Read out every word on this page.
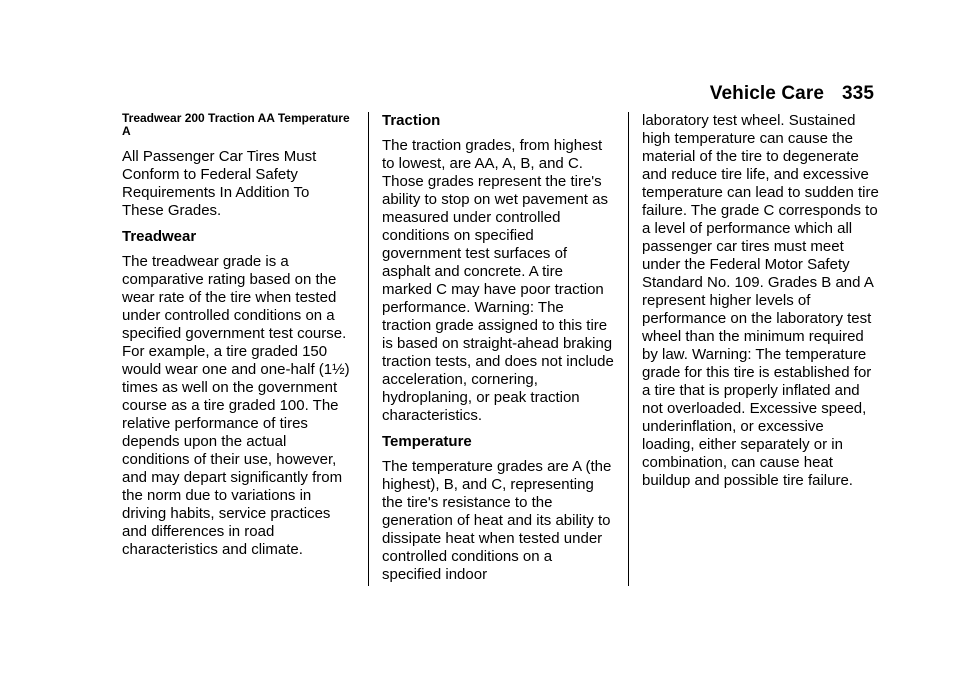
Vehicle Care 335
Treadwear 200 Traction AA Temperature A
All Passenger Car Tires Must Conform to Federal Safety Requirements In Addition To These Grades.
Treadwear
The treadwear grade is a comparative rating based on the wear rate of the tire when tested under controlled conditions on a specified government test course. For example, a tire graded 150 would wear one and one-half (1½) times as well on the government course as a tire graded 100. The relative performance of tires depends upon the actual conditions of their use, however, and may depart significantly from the norm due to variations in driving habits, service practices and differences in road characteristics and climate.
Traction
The traction grades, from highest to lowest, are AA, A, B, and C. Those grades represent the tire's ability to stop on wet pavement as measured under controlled conditions on specified government test surfaces of asphalt and concrete. A tire marked C may have poor traction performance. Warning: The traction grade assigned to this tire is based on straight-ahead braking traction tests, and does not include acceleration, cornering, hydroplaning, or peak traction characteristics.
Temperature
The temperature grades are A (the highest), B, and C, representing the tire's resistance to the generation of heat and its ability to dissipate heat when tested under controlled conditions on a specified indoor
laboratory test wheel. Sustained high temperature can cause the material of the tire to degenerate and reduce tire life, and excessive temperature can lead to sudden tire failure. The grade C corresponds to a level of performance which all passenger car tires must meet under the Federal Motor Safety Standard No. 109. Grades B and A represent higher levels of performance on the laboratory test wheel than the minimum required by law. Warning: The temperature grade for this tire is established for a tire that is properly inflated and not overloaded. Excessive speed, underinflation, or excessive loading, either separately or in combination, can cause heat buildup and possible tire failure.
